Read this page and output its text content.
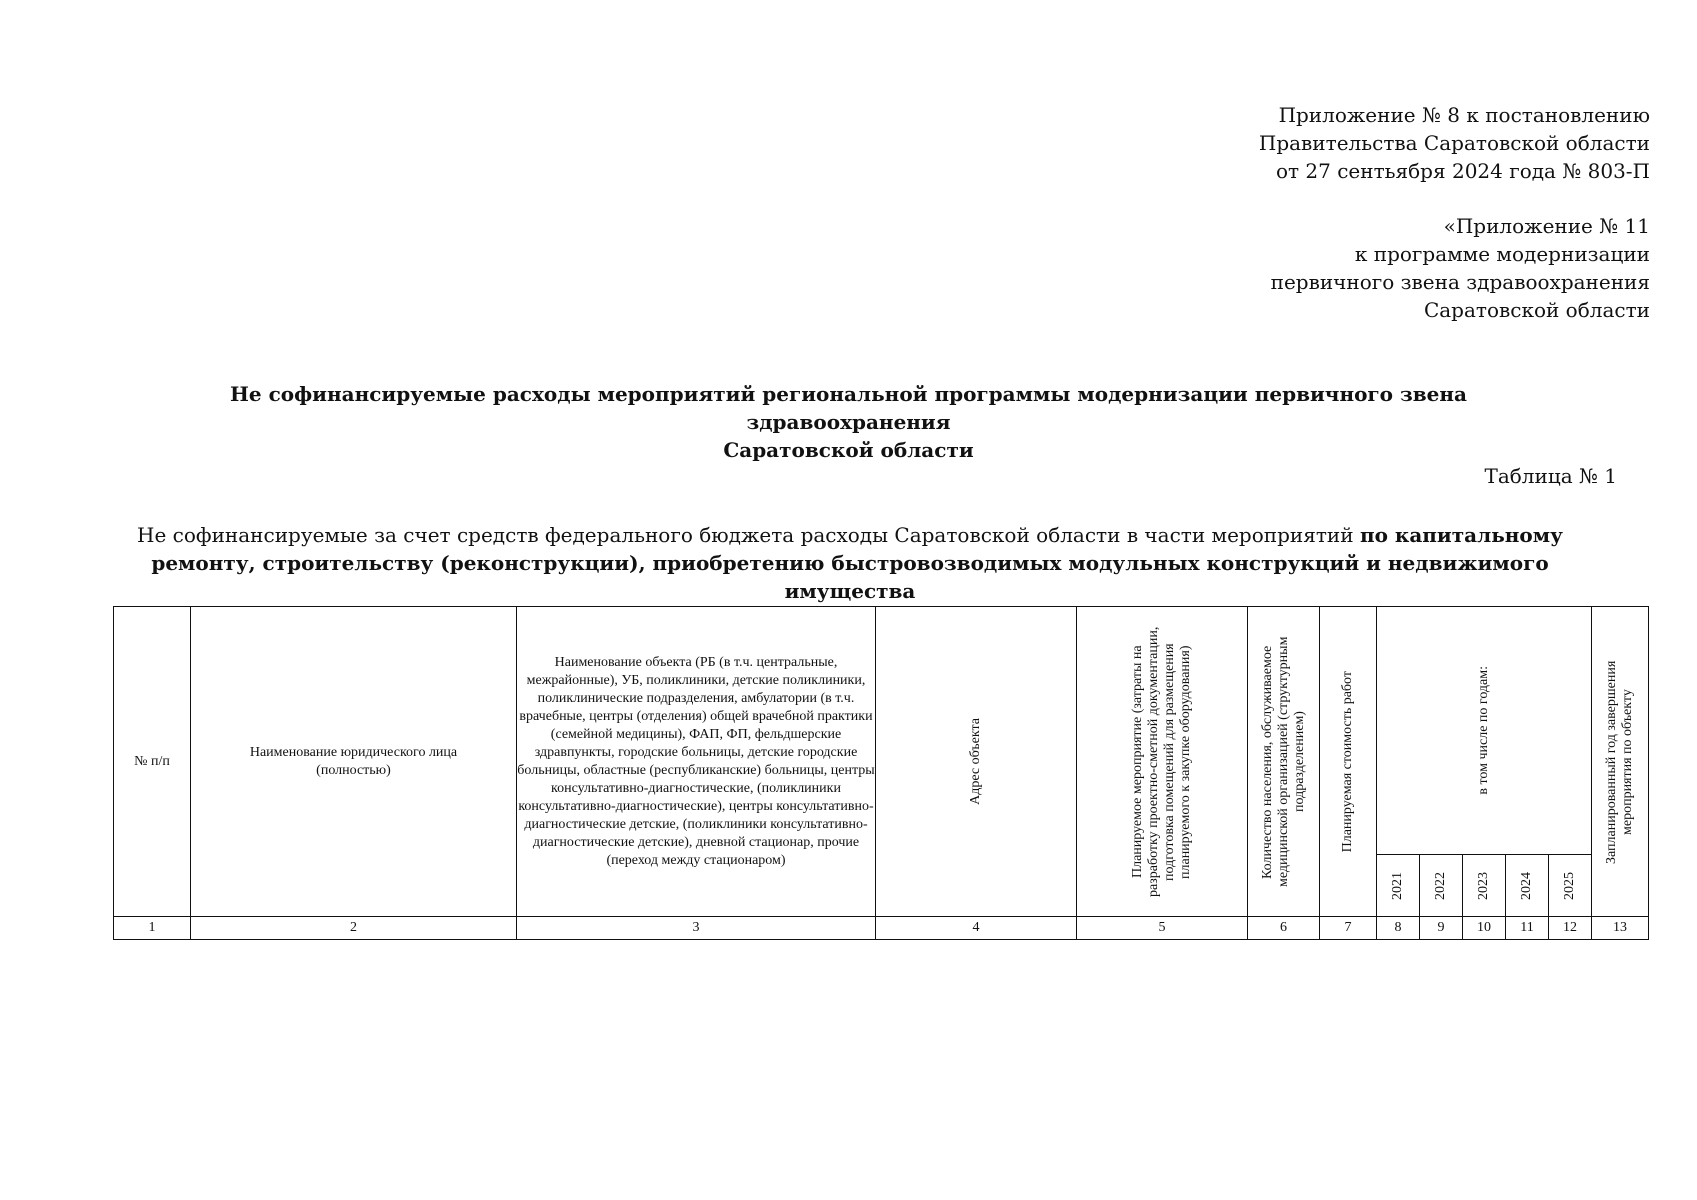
Приложение № 8 к постановлению
Правительства Саратовской области
от 27 сентьября 2024 года № 803-П
«Приложение № 11
к программе модернизации
первичного звена здравоохранения
Саратовской области
Не софинансируемые расходы мероприятий региональной программы модернизации первичного звена здравоохранения
Саратовской области
Таблица № 1
Не софинансируемые за счет средств федерального бюджета расходы Саратовской области в части мероприятий по капитальному ремонту, строительству (реконструкции), приобретению быстровозводимых модульных конструкций и недвижимого имущества
№ п/п	Наименование юридического лица (полностью)	Наименование объекта (РБ (в т.ч. центральные, межрайонные), УБ, поликлиники, детские поликлиники, поликлинические подразделения, амбулатории (в т.ч. врачебные, центры (отделения) общей врачебной практики (семейной медицины), ФАП, ФП, фельдшерские здравпункты, городские больницы, детские городские больницы, областные (республиканские) больницы, центры консультативно-диагностические, (поликлиники консультативно-диагностические), центры консультативно-диагностические детские, (поликлиники консультативно-диагностические детские), дневной стационар, прочие (переход между стационаром)	Адрес объекта	Планируемое мероприятие (затраты на разработку проектно-сметной документации, подготовка помещений для размещения планируемого к закупке оборудования)	Количество населения, обслуживаемое медицинской организацией (структурным подразделением)	Планируемая стоимость работ	в том числе по годам:					Запланированный год завершения мероприятия по объекту

							2021	2022	2023	2024	2025	

1	2	3	4	5	6	7	8	9	10	11	12	13
